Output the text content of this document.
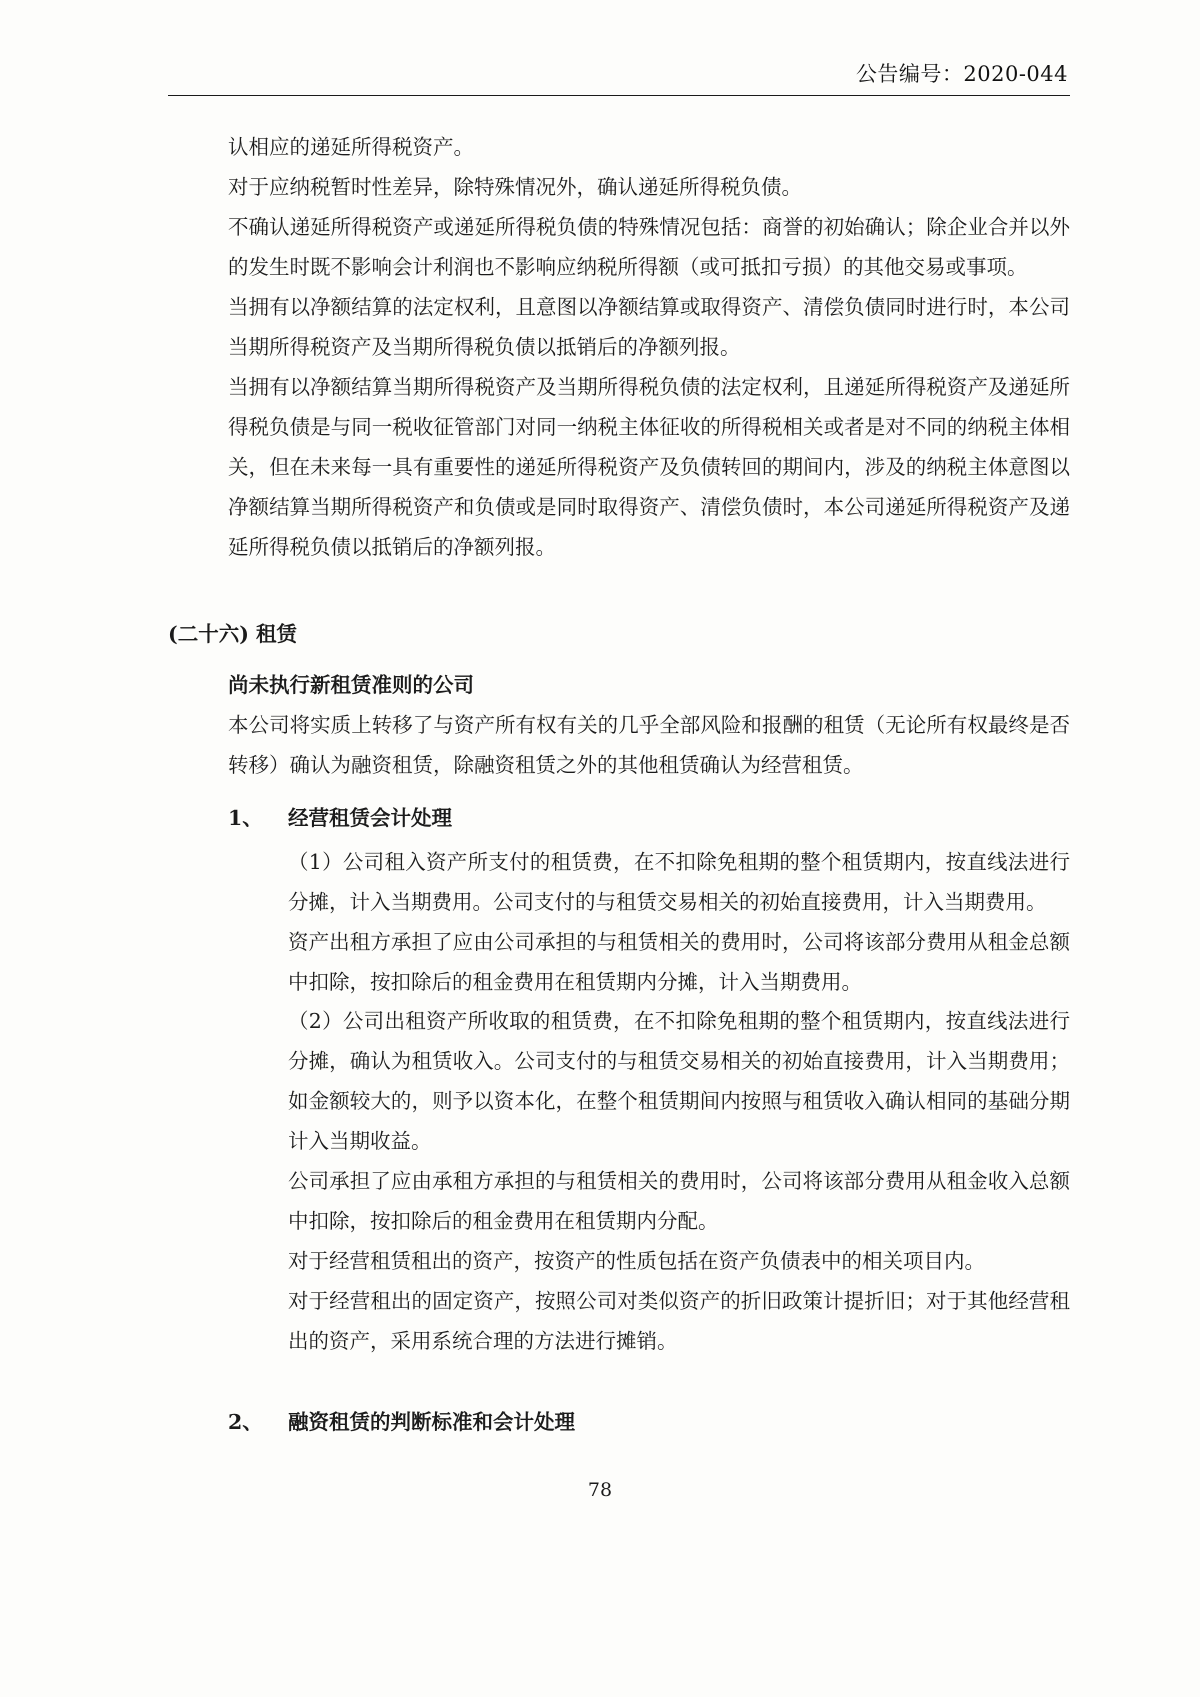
公告编号：2020-044

认相应的递延所得税资产。

对于应纳税暂时性差异，除特殊情况外，确认递延所得税负债。

不确认递延所得税资产或递延所得税负债的特殊情况包括：商誉的初始确认；除企业合并以外的发生时既不影响会计利润也不影响应纳税所得额（或可抵扣亏损）的其他交易或事项。

当拥有以净额结算的法定权利，且意图以净额结算或取得资产、清偿负债同时进行时，本公司当期所得税资产及当期所得税负债以抵销后的净额列报。

当拥有以净额结算当期所得税资产及当期所得税负债的法定权利，且递延所得税资产及递延所得税负债是与同一税收征管部门对同一纳税主体征收的所得税相关或者是对不同的纳税主体相关，但在未来每一具有重要性的递延所得税资产及负债转回的期间内，涉及的纳税主体意图以净额结算当期所得税资产和负债或是同时取得资产、清偿负债时，本公司递延所得税资产及递延所得税负债以抵销后的净额列报。

(二十六) 租赁

尚未执行新租赁准则的公司

本公司将实质上转移了与资产所有权有关的几乎全部风险和报酬的租赁（无论所有权最终是否转移）确认为融资租赁，除融资租赁之外的其他租赁确认为经营租赁。

1、	经营租赁会计处理

（1）公司租入资产所支付的租赁费，在不扣除免租期的整个租赁期内，按直线法进行分摊，计入当期费用。公司支付的与租赁交易相关的初始直接费用，计入当期费用。

资产出租方承担了应由公司承担的与租赁相关的费用时，公司将该部分费用从租金总额中扣除，按扣除后的租金费用在租赁期内分摊，计入当期费用。

（2）公司出租资产所收取的租赁费，在不扣除免租期的整个租赁期内，按直线法进行分摊，确认为租赁收入。公司支付的与租赁交易相关的初始直接费用，计入当期费用；如金额较大的，则予以资本化，在整个租赁期间内按照与租赁收入确认相同的基础分期计入当期收益。

公司承担了应由承租方承担的与租赁相关的费用时，公司将该部分费用从租金收入总额中扣除，按扣除后的租金费用在租赁期内分配。

对于经营租赁租出的资产，按资产的性质包括在资产负债表中的相关项目内。

对于经营租出的固定资产，按照公司对类似资产的折旧政策计提折旧；对于其他经营租出的资产，采用系统合理的方法进行摊销。

2、	融资租赁的判断标准和会计处理
78
